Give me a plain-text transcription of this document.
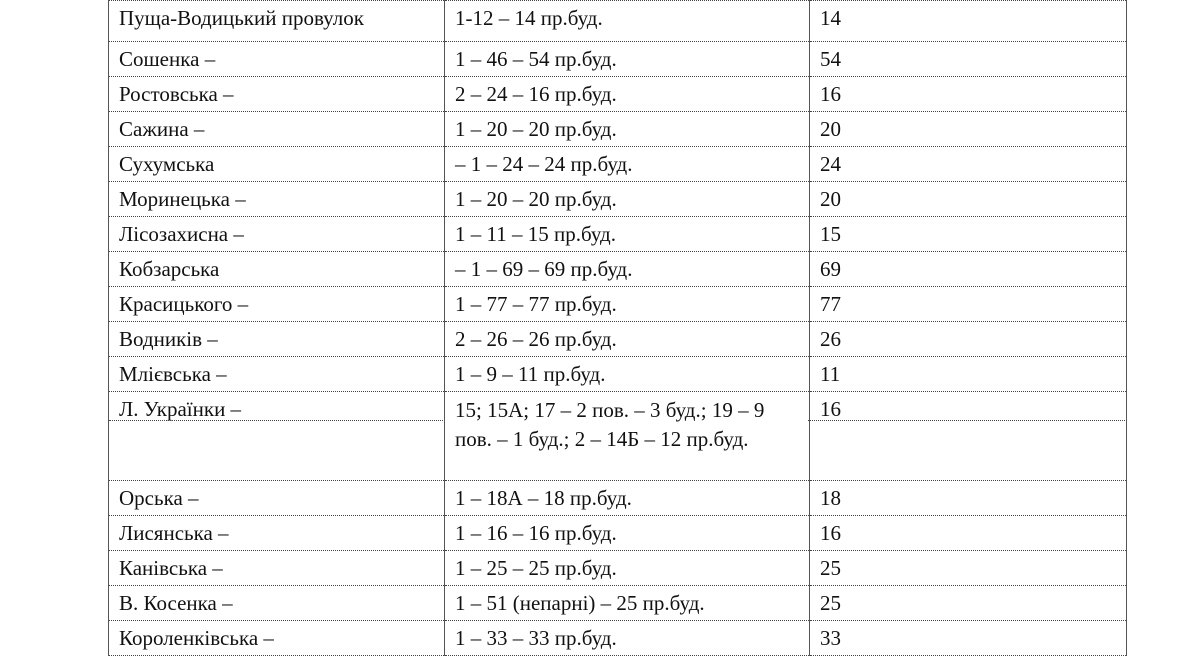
Пуща-Водицький провулок	1-12 – 14 пр.буд.	14
Сошенка –	1 – 46 – 54 пр.буд.	54
Ростовська –	2 – 24 – 16 пр.буд.	16
Сажина –	1 – 20 – 20 пр.буд.	20
Сухумська	– 1 – 24 – 24 пр.буд.	24
Моринецька –	1 – 20 – 20 пр.буд.	20
Лісозахисна –	1 – 11 – 15 пр.буд.	15
Кобзарська	– 1 – 69 – 69 пр.буд.	69
Красицького –	1 – 77 – 77 пр.буд.	77
Водників –	2 – 26 – 26 пр.буд.	26
Млієвська –	1 – 9 – 11 пр.буд.	11
Л. Українки –	15; 15А; 17 – 2 пов. – 3 буд.; 19 – 9 пов. – 1 буд.; 2 – 14Б – 12 пр.буд.	16
Орська –	1 – 18А – 18 пр.буд.	18
Лисянська –	1 – 16 – 16 пр.буд.	16
Канівська –	1 – 25 – 25 пр.буд.	25
В. Косенка –	1 – 51 (непарні) – 25 пр.буд.	25
Короленківська –	1 – 33 – 33 пр.буд.	33
